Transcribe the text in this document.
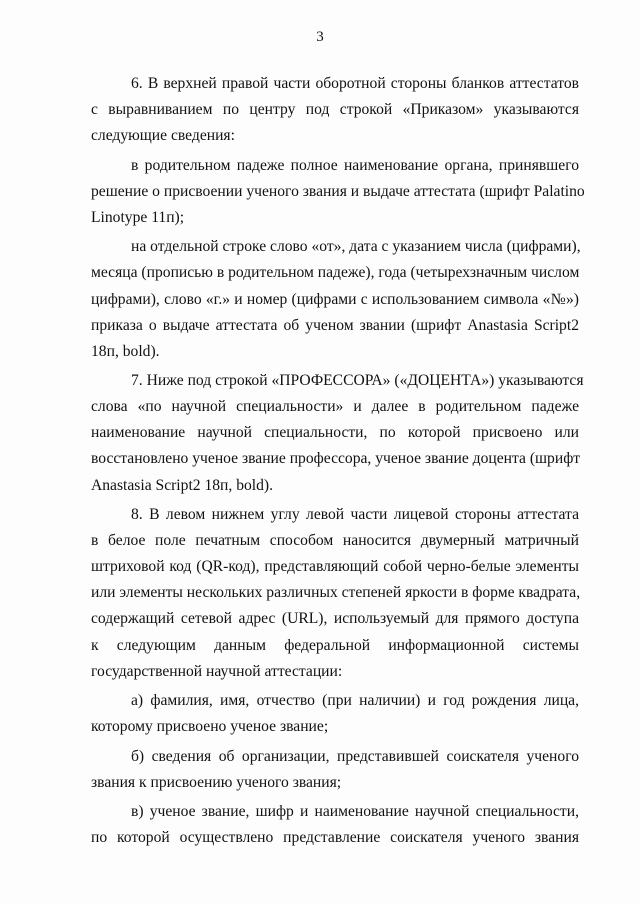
3

6. В верхней правой части оборотной стороны бланков аттестатов
с выравниванием по центру под строкой «Приказом» указываются
следующие сведения:

в родительном падеже полное наименование органа, принявшего
решение о присвоении ученого звания и выдаче аттестата (шрифт Palatino
Linotype 11п);

на отдельной строке слово «от», дата с указанием числа (цифрами),
месяца (прописью в родительном падеже), года (четырехзначным числом
цифрами), слово «г.» и номер (цифрами с использованием символа «№»)
приказа о выдаче аттестата об ученом звании (шрифт Anastasia Script2
18п, bold).

7. Ниже под строкой «ПРОФЕССОРА» («ДОЦЕНТА») указываются
слова «по научной специальности» и далее в родительном падеже
наименование научной специальности, по которой присвоено или
восстановлено ученое звание профессора, ученое звание доцента (шрифт
Anastasia Script2 18п, bold).

8. В левом нижнем углу левой части лицевой стороны аттестата
в белое поле печатным способом наносится двумерный матричный
штриховой код (QR-код), представляющий собой черно-белые элементы
или элементы нескольких различных степеней яркости в форме квадрата,
содержащий сетевой адрес (URL), используемый для прямого доступа
к следующим данным федеральной информационной системы
государственной научной аттестации:

а) фамилия, имя, отчество (при наличии) и год рождения лица,
которому присвоено ученое звание;

б) сведения об организации, представившей соискателя ученого
звания к присвоению ученого звания;

в) ученое звание, шифр и наименование научной специальности,
по которой осуществлено представление соискателя ученого звания
